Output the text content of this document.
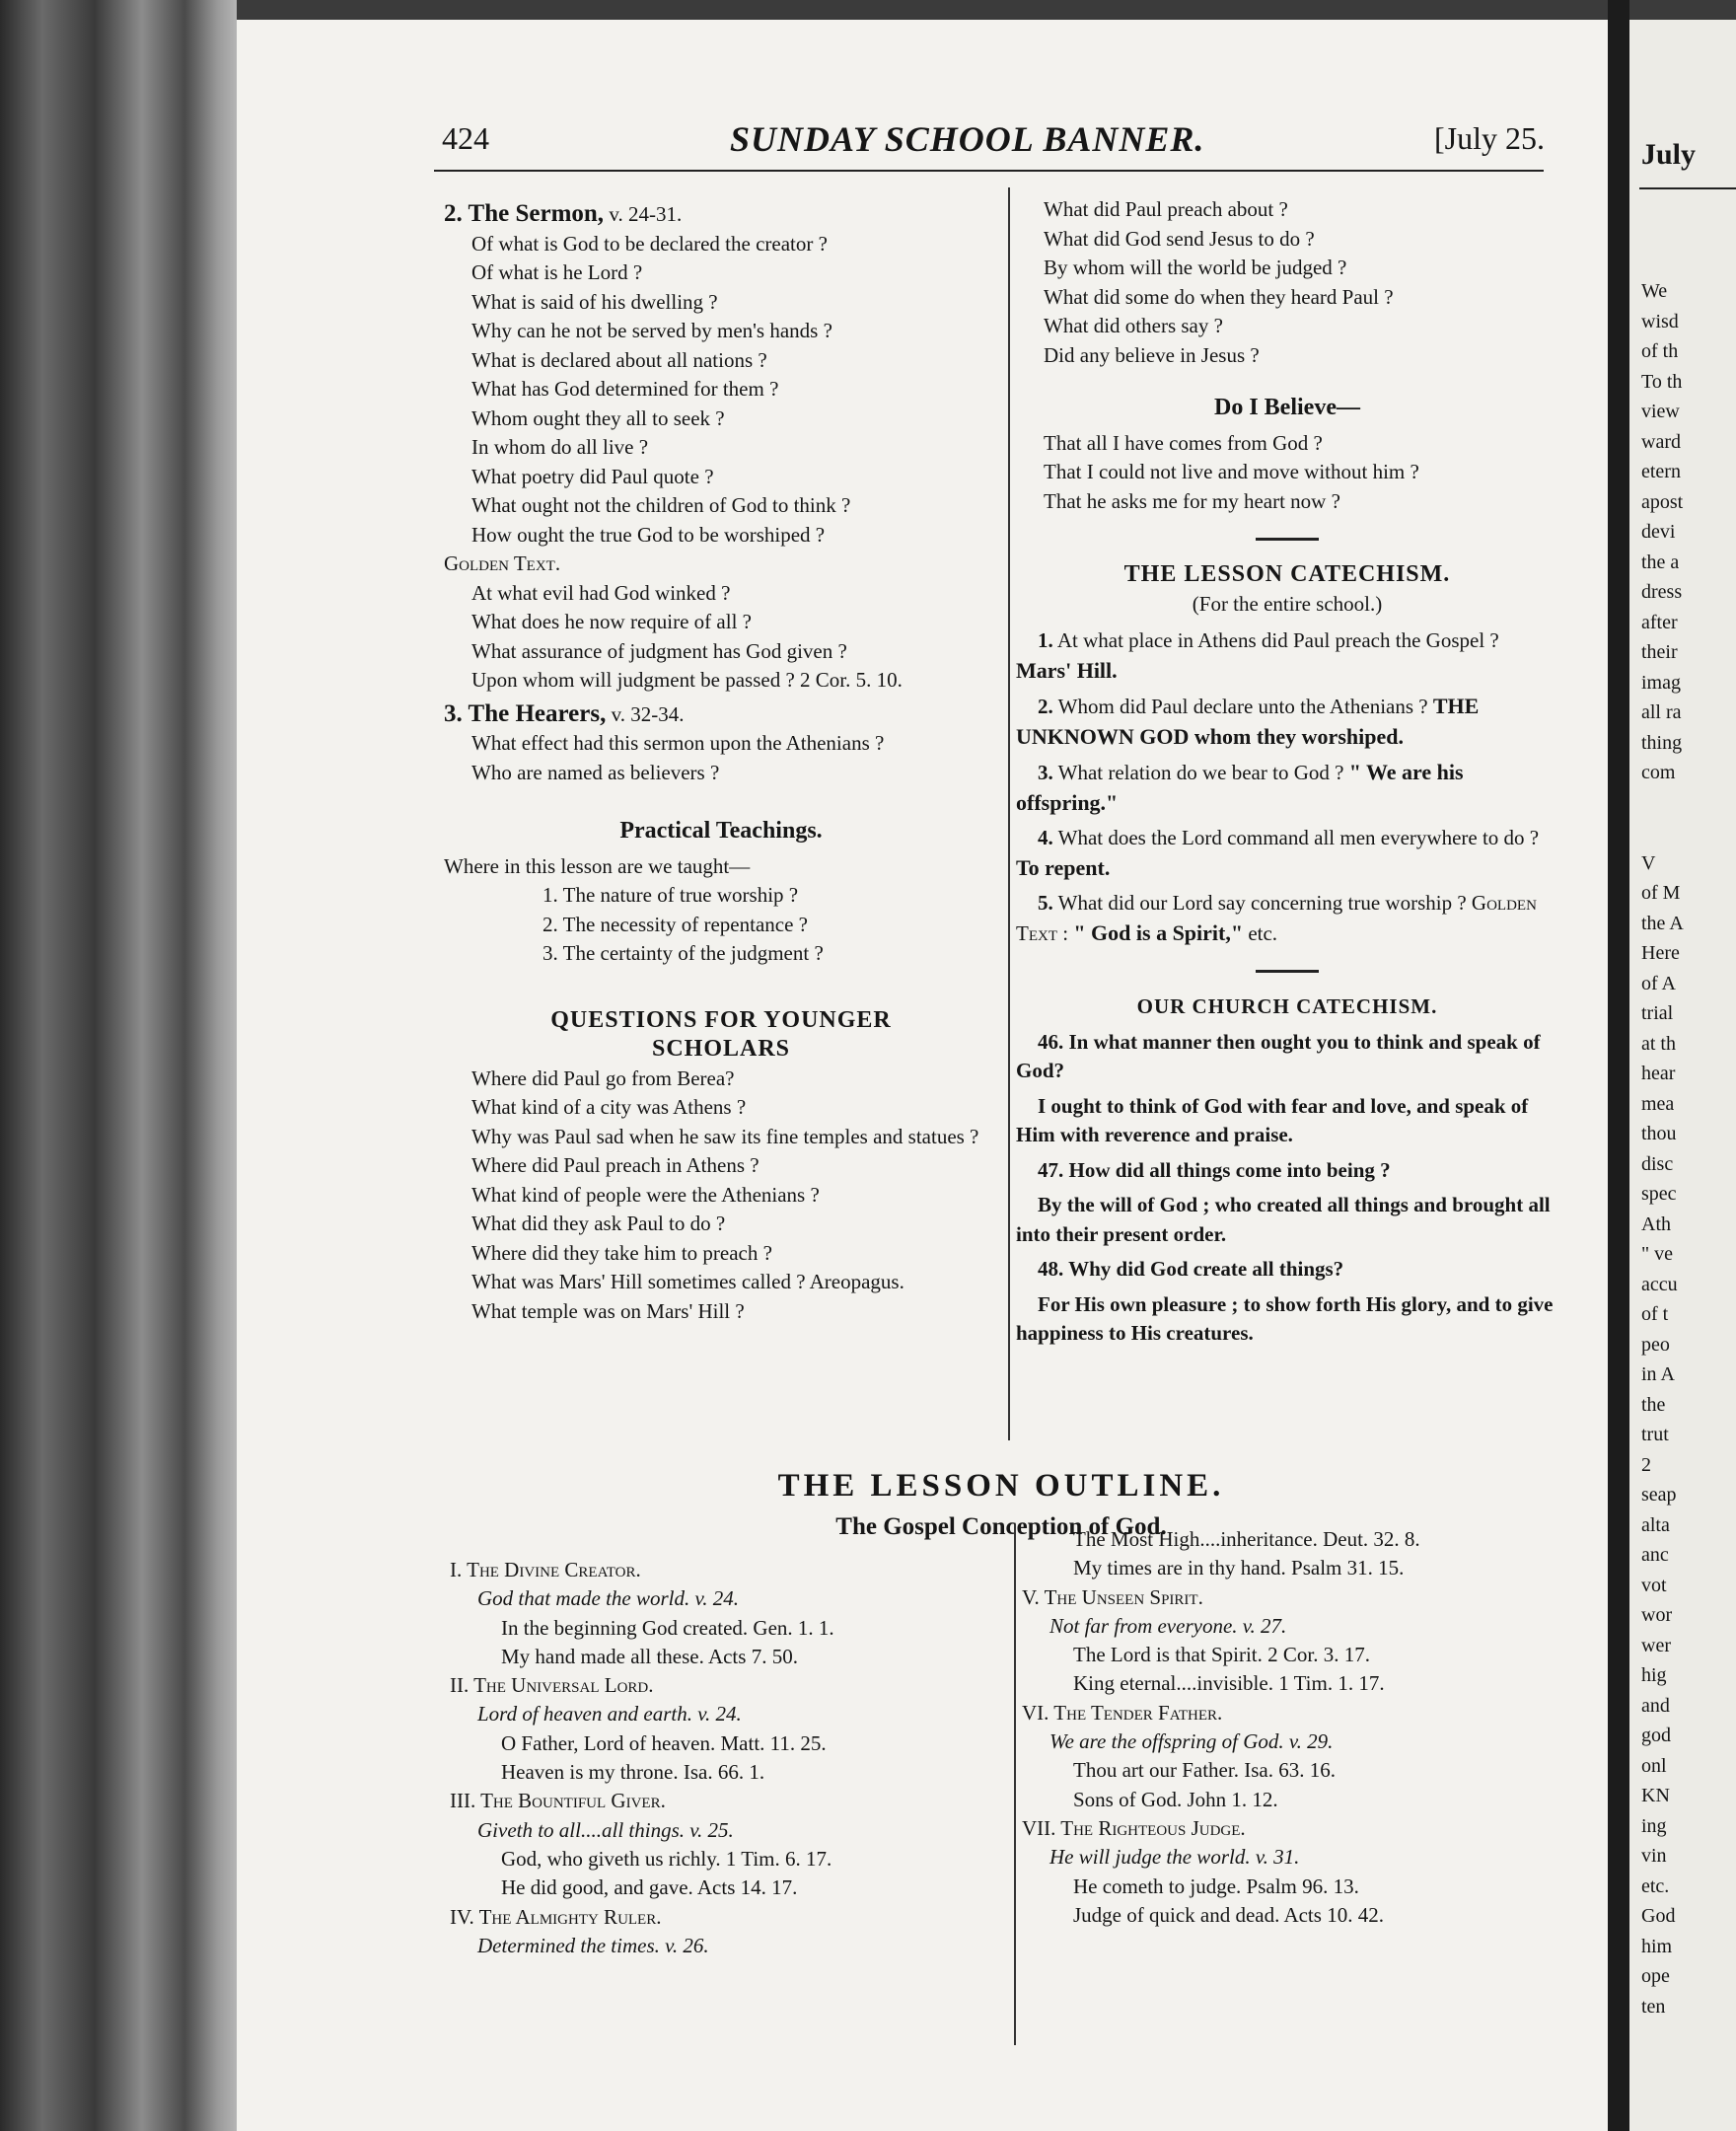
July
We
wisd
of th
To th
view
ward
etern
apost
devi
the a
dress
after
their
imag
all ra
thing
com

V
of M
the A
Here
of A
trial
at th
hear
mea
thou
disc
spec
Ath
" ve
accu
of t
peo
in A
the
trut
2
seap
alta
anc
vot
wor
wer
hig
and
god
onl
KN
ing
vin
etc.
God
him
ope
ten
424	SUNDAY SCHOOL BANNER.	[July 25.

2. The Sermon, v. 24-31.

Of what is God to be declared the creator ?

Of what is he Lord ?

What is said of his dwelling ?

Why can he not be served by men's hands ?

What is declared about all nations ?

What has God determined for them ?

Whom ought they all to seek ?

In whom do all live ?

What poetry did Paul quote ?

What ought not the children of God to think ?

How ought the true God to be worshiped ?

Golden Text.

At what evil had God winked ?

What does he now require of all ?

What assurance of judgment has God given ?

Upon whom will judgment be passed ? 2 Cor. 5. 10.

3. The Hearers, v. 32-34.

What effect had this sermon upon the Athenians ?

Who are named as believers ?

Practical Teachings.

Where in this lesson are we taught—

1. The nature of true worship ?

2. The necessity of repentance ?

3. The certainty of the judgment ?

QUESTIONS FOR YOUNGER

SCHOLARS

Where did Paul go from Berea?

What kind of a city was Athens ?

Why was Paul sad when he saw its fine temples and statues ?

Where did Paul preach in Athens ?

What kind of people were the Athenians ?

What did they ask Paul to do ?

Where did they take him to preach ?

What was Mars' Hill sometimes called ? Areopagus.

What temple was on Mars' Hill ?

What did Paul preach about ?

What did God send Jesus to do ?

By whom will the world be judged ?

What did some do when they heard Paul ?

What did others say ?

Did any believe in Jesus ?

Do I Believe—

That all I have comes from God ?

That I could not live and move without him ?

That he asks me for my heart now ?

THE LESSON CATECHISM.

(For the entire school.)

1. At what place in Athens did Paul preach the Gospel ? Mars' Hill.

2. Whom did Paul declare unto the Athenians ? THE UNKNOWN GOD whom they worshiped.

3. What relation do we bear to God ? " We are his offspring."

4. What does the Lord command all men everywhere to do ? To repent.

5. What did our Lord say concerning true worship ? Golden Text : " God is a Spirit," etc.

OUR CHURCH CATECHISM.

46. In what manner then ought you to think and speak of God?

I ought to think of God with fear and love, and speak of Him with reverence and praise.

47. How did all things come into being ?

By the will of God ; who created all things and brought all into their present order.

48. Why did God create all things?

For His own pleasure ; to show forth His glory, and to give happiness to His creatures.

THE LESSON OUTLINE.
The Gospel Conception of God.

I. The Divine Creator.

God that made the world. v. 24.

In the beginning God created. Gen. 1. 1.

My hand made all these. Acts 7. 50.

II. The Universal Lord.

Lord of heaven and earth. v. 24.

O Father, Lord of heaven. Matt. 11. 25.

Heaven is my throne. Isa. 66. 1.

III. The Bountiful Giver.

Giveth to all....all things. v. 25.

God, who giveth us richly. 1 Tim. 6. 17.

He did good, and gave. Acts 14. 17.

IV. The Almighty Ruler.

Determined the times. v. 26.

The Most High....inheritance. Deut. 32. 8.

My times are in thy hand. Psalm 31. 15.

V. The Unseen Spirit.

Not far from everyone. v. 27.

The Lord is that Spirit. 2 Cor. 3. 17.

King eternal....invisible. 1 Tim. 1. 17.

VI. The Tender Father.

We are the offspring of God. v. 29.

Thou art our Father. Isa. 63. 16.

Sons of God. John 1. 12.

VII. The Righteous Judge.

He will judge the world. v. 31.

He cometh to judge. Psalm 96. 13.

Judge of quick and dead. Acts 10. 42.
